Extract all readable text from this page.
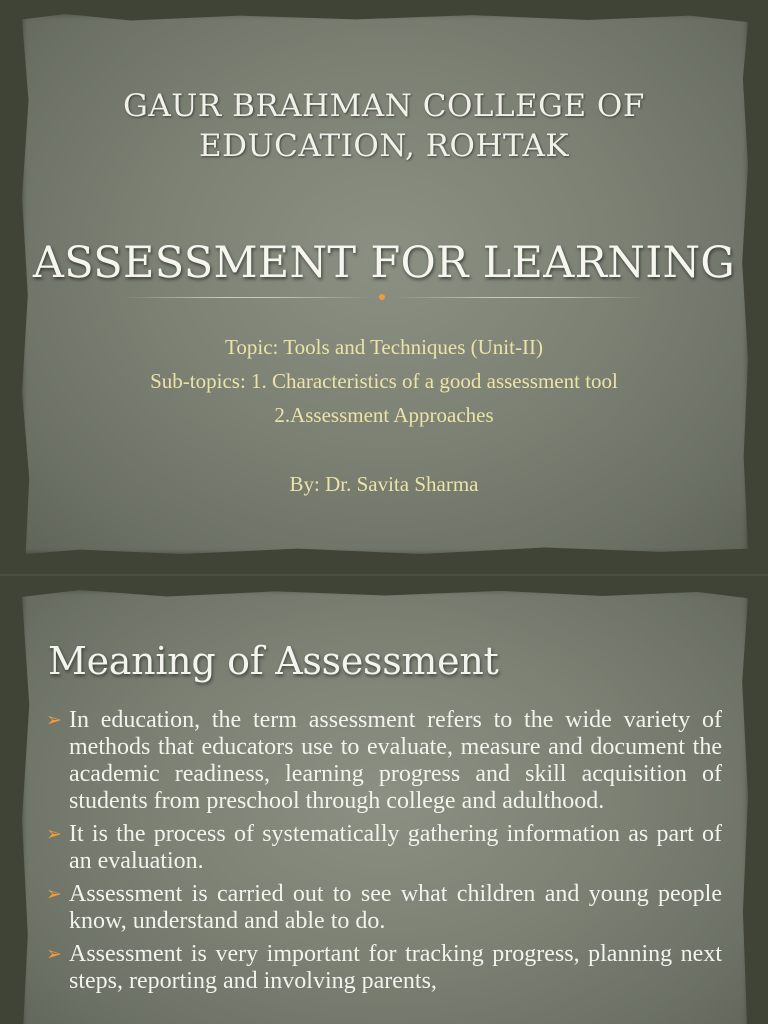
GAUR BRAHMAN COLLEGE OF
EDUCATION, ROHTAK
ASSESSMENT FOR LEARNING
Topic: Tools and Techniques (Unit-II)
Sub-topics: 1. Characteristics of a good assessment tool
2.Assessment Approaches
By: Dr. Savita Sharma
Meaning of Assessment
➢ In education, the term assessment refers to the wide variety of methods that educators use to evaluate, measure and document the academic readiness, learning progress and skill acquisition of students from preschool through college and adulthood.
➢ It is the process of systematically gathering information as part of an evaluation.
➢ Assessment is carried out to see what children and young people know, understand and able to do.
➢ Assessment is very important for tracking progress, planning next steps, reporting and involving parents,
